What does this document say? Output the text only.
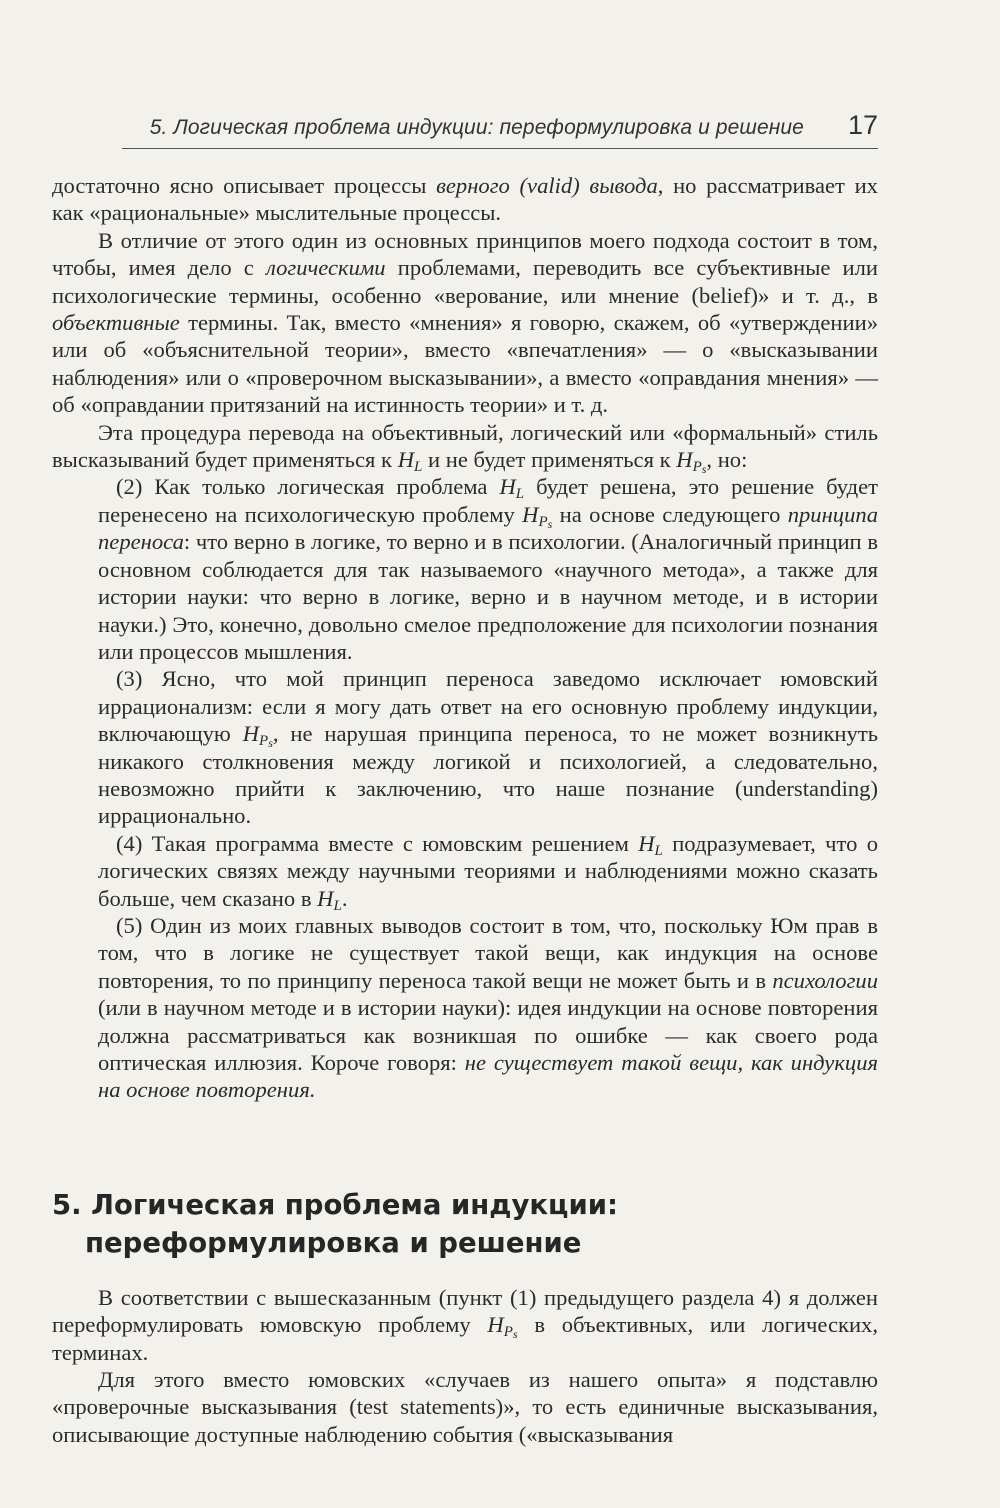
5. Логическая проблема индукции: переформулировка и решение 17

достаточно ясно описывает процессы верного (valid) вывода, но рассматривает их как «рациональные» мыслительные процессы.

В отличие от этого один из основных принципов моего подхода состоит в том, чтобы, имея дело с логическими проблемами, переводить все субъективные или психологические термины, особенно «верование, или мнение (belief)» и т. д., в объективные термины. Так, вместо «мнения» я говорю, скажем, об «утверждении» или об «объяснительной теории», вместо «впечатления» — о «высказывании наблюдения» или о «проверочном высказывании», а вместо «оправдания мнения» — об «оправдании притязаний на истинность теории» и т. д.

Эта процедура перевода на объективный, логический или «формальный» стиль высказываний будет применяться к $H_L$ и не будет применяться к $H_{P_s}$, но:

(2) Как только логическая проблема $H_L$ будет решена, это решение будет перенесено на психологическую проблему $H_{P_s}$ на основе следующего принципа переноса: что верно в логике, то верно и в психологии. (Аналогичный принцип в основном соблюдается для так называемого «научного метода», а также для истории науки: что верно в логике, верно и в научном методе, и в истории науки.) Это, конечно, довольно смелое предположение для психологии познания или процессов мышления.

(3) Ясно, что мой принцип переноса заведомо исключает юмовский иррационализм: если я могу дать ответ на его основную проблему индукции, включающую $H_{P_s}$, не нарушая принципа переноса, то не может возникнуть никакого столкновения между логикой и психологией, а следовательно, невозможно прийти к заключению, что наше познание (understanding) иррационально.

(4) Такая программа вместе с юмовским решением $H_L$ подразумевает, что о логических связях между научными теориями и наблюдениями можно сказать больше, чем сказано в $H_L$.

(5) Один из моих главных выводов состоит в том, что, поскольку Юм прав в том, что в логике не существует такой вещи, как индукция на основе повторения, то по принципу переноса такой вещи не может быть и в психологии (или в научном методе и в истории науки): идея индукции на основе повторения должна рассматриваться как возникшая по ошибке — как своего рода оптическая иллюзия. Короче говоря: не существует такой вещи, как индукция на основе повторения.

5. Логическая проблема индукции:
переформулировка и решение

В соответствии с вышесказанным (пункт (1) предыдущего раздела 4) я должен переформулировать юмовскую проблему $H_{P_s}$ в объективных, или логических, терминах.

Для этого вместо юмовских «случаев из нашего опыта» я подставлю «проверочные высказывания (test statements)», то есть единичные высказывания, описывающие доступные наблюдению события («высказывания
